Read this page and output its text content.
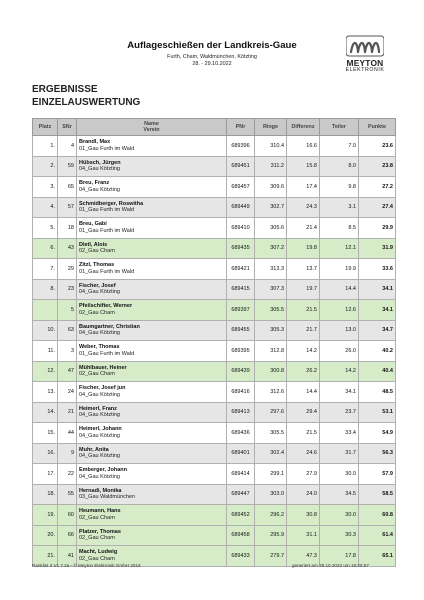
Auflageschießen der Landkreis-Gaue
Furth, Cham, Waldmünchen, Kötzting
28. - 29.10.2022	MEYTON
ELEKTRONIK
ERGEBNISSE
EINZELAUSWERTUNG
Platz	SNr	Name
Verein	PNr	Ringe	Differenz	Teiler	Punkte
1.	4	Brandl, Max
01_Gau Furth im Wald	689396	310.4	16.6	7.0	23.6
2.	59	Hübsch, Jürgen
04_Gau Kötzting	689451	311.2	15.8	8.0	23.8
3.	65	Breu, Franz
04_Gau Kötzting	689457	309.6	17.4	9.8	27.2
4.	57	Schmidberger, Roswitha
01_Gau Furth im Wald	689449	302.7	24.3	3.1	27.4
5.	18	Breu, Gabi
01_Gau Furth im Wald	689410	305.6	21.4	8.5	29.9
6.	43	Dietl, Alois
02_Gau Cham	689435	307.2	19.8	12.1	31.9
7.	29	Zitzl, Thomas
01_Gau Furth im Wald	689421	313.3	13.7	19.9	33.6
8.	23	Fischer, Josef
04_Gau Kötzting	689415	307.3	19.7	14.4	34.1
	5	Pfeilschifter, Werner
02_Gau Cham	689397	305.5	21.5	12.6	34.1
10.	63	Baumgartner, Christian
04_Gau Kötzting	689455	305.3	21.7	13.0	34.7
11.	3	Weber, Thomas
01_Gau Furth im Wald	689395	312.8	14.2	26.0	40.2
12.	47	Mühlbauer, Heiner
02_Gau Cham	689439	300.8	26.2	14.2	40.4
13.	24	Fischer, Josef jun
04_Gau Kötzting	689416	312.6	14.4	34.1	48.5
14.	21	Heimerl, Franz
04_Gau Kötzting	689413	297.6	29.4	23.7	53.1
15.	44	Heimerl, Johann
04_Gau Kötzting	689436	305.5	21.5	33.4	54.9
16.	9	Muhr, Anita
04_Gau Kötzting	689401	302.4	24.6	31.7	56.3
17.	22	Emberger, Johann
04_Gau Kötzting	689414	299.1	27.9	30.0	57.9
18.	55	Hernadi, Monika
03_Gau Waldmünchen	689447	303.0	24.0	34.5	58.5
19.	60	Heumann, Hans
02_Gau Cham	689452	296.2	30.8	30.0	60.8
20.	66	Platzer, Thomas
02_Gau Cham	689458	295.9	31.1	30.3	61.4
21.	41	Macht, Ludwig
02_Gau Cham	689433	279.7	47.3	17.8	65.1
Ranklist 3 V1.7.2a - © Meyton Elektronik GmbH 2016	generiert am 29.10.2022 um 18:20:57
